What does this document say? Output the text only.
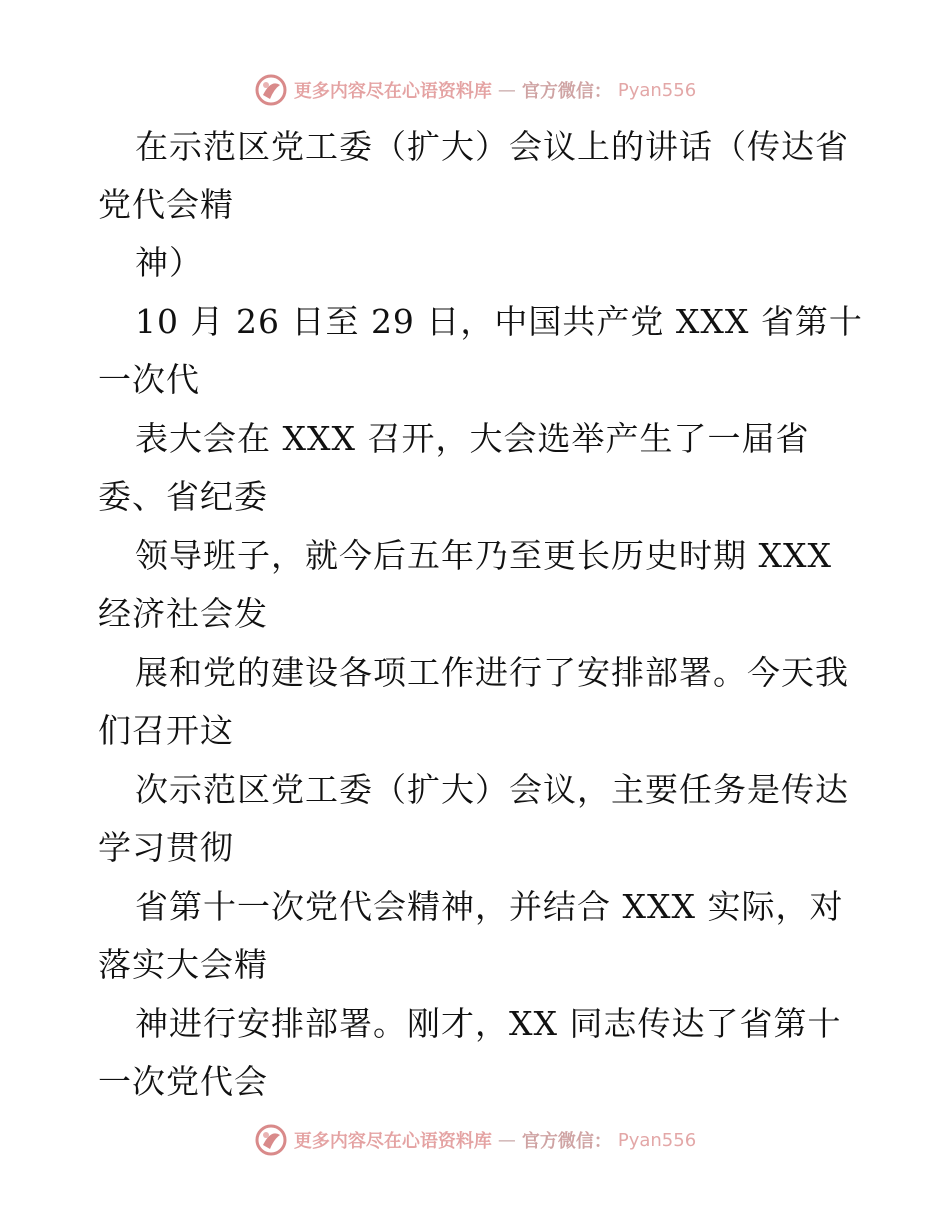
更多内容尽在心语资料库 — 官方微信： Pyan556
在示范区党工委（扩大）会议上的讲话（传达省
党代会精
神）
10 月 26 日至 29 日，中国共产党 XXX 省第十
一次代
表大会在 XXX 召开，大会选举产生了一届省
委、省纪委
领导班子，就今后五年乃至更长历史时期 XXX
经济社会发
展和党的建设各项工作进行了安排部署。今天我
们召开这
次示范区党工委（扩大）会议，主要任务是传达
学习贯彻
省第十一次党代会精神，并结合 XXX 实际，对
落实大会精
神进行安排部署。刚才，XX 同志传达了省第十
一次党代会
更多内容尽在心语资料库 — 官方微信： Pyan556
